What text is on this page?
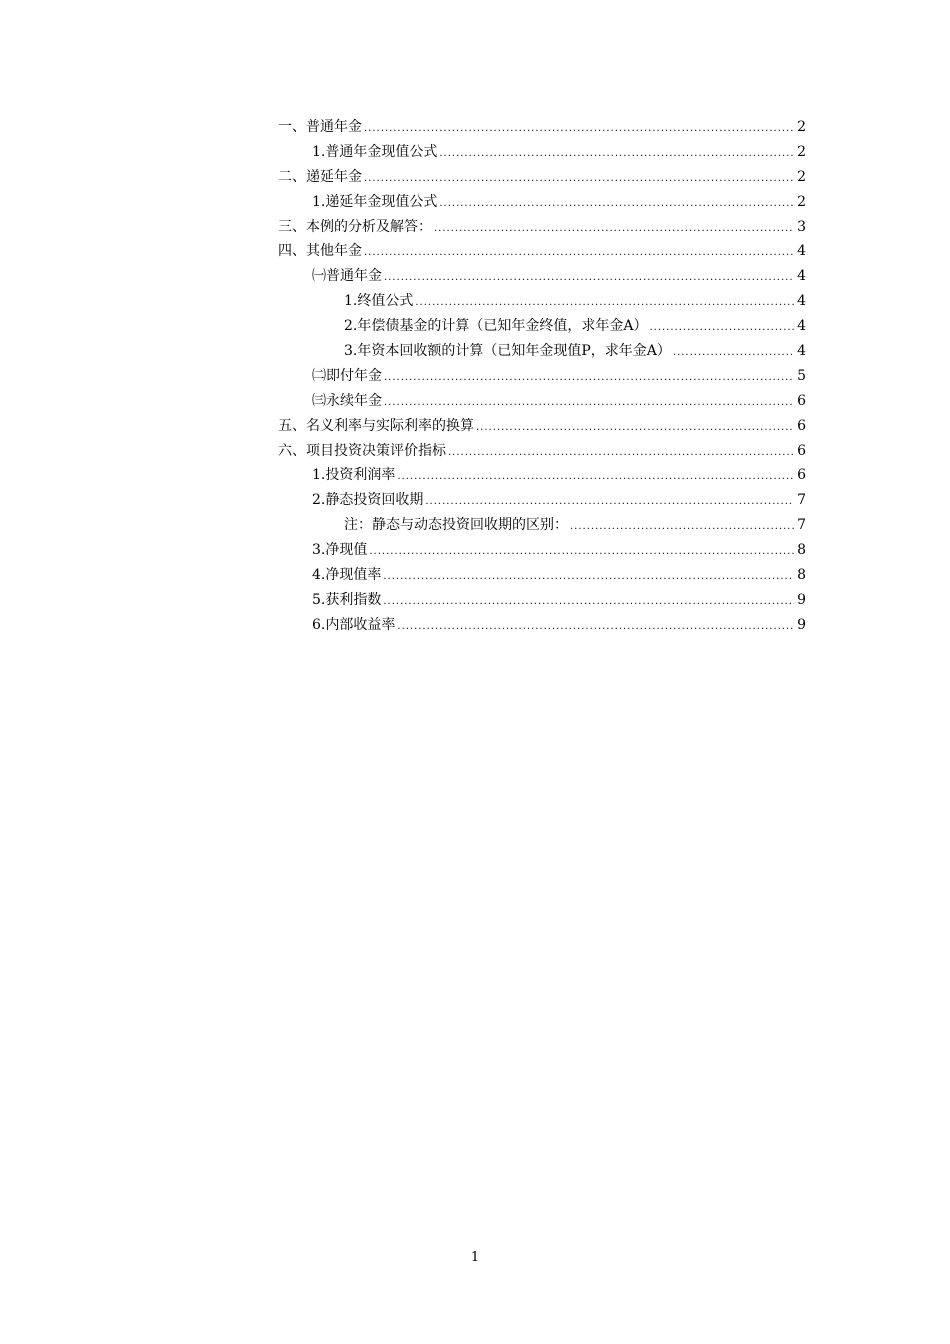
一、普通年金 .....	2
1.普通年金现值公式 .....	2
二、递延年金 .....	2
1.递延年金现值公式 .....	2
三、本例的分析及解答： .....	3
四、其他年金 .....	4
㈠普通年金 .....	4
1.终值公式 .....	4
2.年偿债基金的计算（已知年金终值，求年金A） .....	4
3.年资本回收额的计算（已知年金现值P，求年金A） .....	4
㈡即付年金 .....	5
㈢永续年金 .....	6
五、名义利率与实际利率的换算 .....	6
六、项目投资决策评价指标 .....	6
1.投资利润率 .....	6
2.静态投资回收期 .....	7
注：静态与动态投资回收期的区别： .....	7
3.净现值 .....	8
4.净现值率 .....	8
5.获利指数 .....	9
6.内部收益率 .....	9
1
